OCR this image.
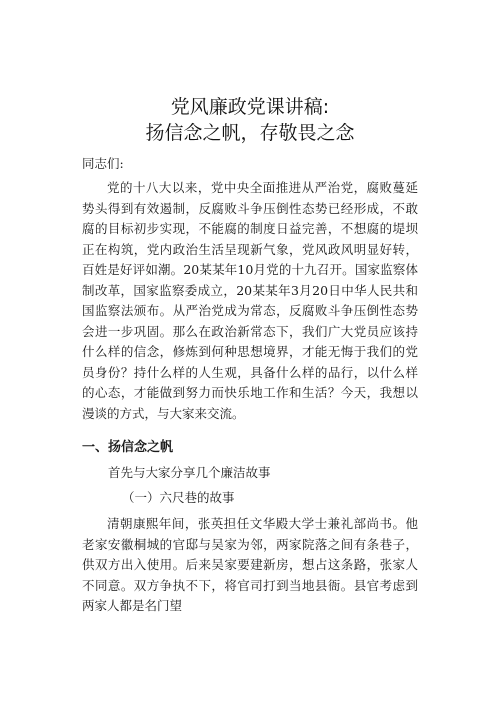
党风廉政党课讲稿:
扬信念之帆，存敬畏之念
同志们:
党的十八大以来，党中央全面推进从严治党，腐败蔓延势头得到有效遏制，反腐败斗争压倒性态势已经形成，不敢腐的目标初步实现，不能腐的制度日益完善，不想腐的堤坝正在构筑，党内政治生活呈现新气象，党风政风明显好转，百姓是好评如潮。20某某年10月党的十九召开。国家监察体制改革，国家监察委成立，20某某年3月20日中华人民共和国监察法颁布。从严治党成为常态，反腐败斗争压倒性态势会进一步巩固。那么在政治新常态下，我们广大党员应该持什么样的信念，修炼到何种思想境界，才能无悔于我们的党员身份？持什么样的人生观，具备什么样的品行，以什么样的心态，才能做到努力而快乐地工作和生活？今天，我想以漫谈的方式，与大家来交流。
一、扬信念之帆
首先与大家分享几个廉洁故事
（一）六尺巷的故事
清朝康熙年间，张英担任文华殿大学士兼礼部尚书。他老家安徽桐城的官邸与吴家为邻，两家院落之间有条巷子，供双方出入使用。后来吴家要建新房，想占这条路，张家人不同意。双方争执不下，将官司打到当地县衙。县官考虑到两家人都是名门望
